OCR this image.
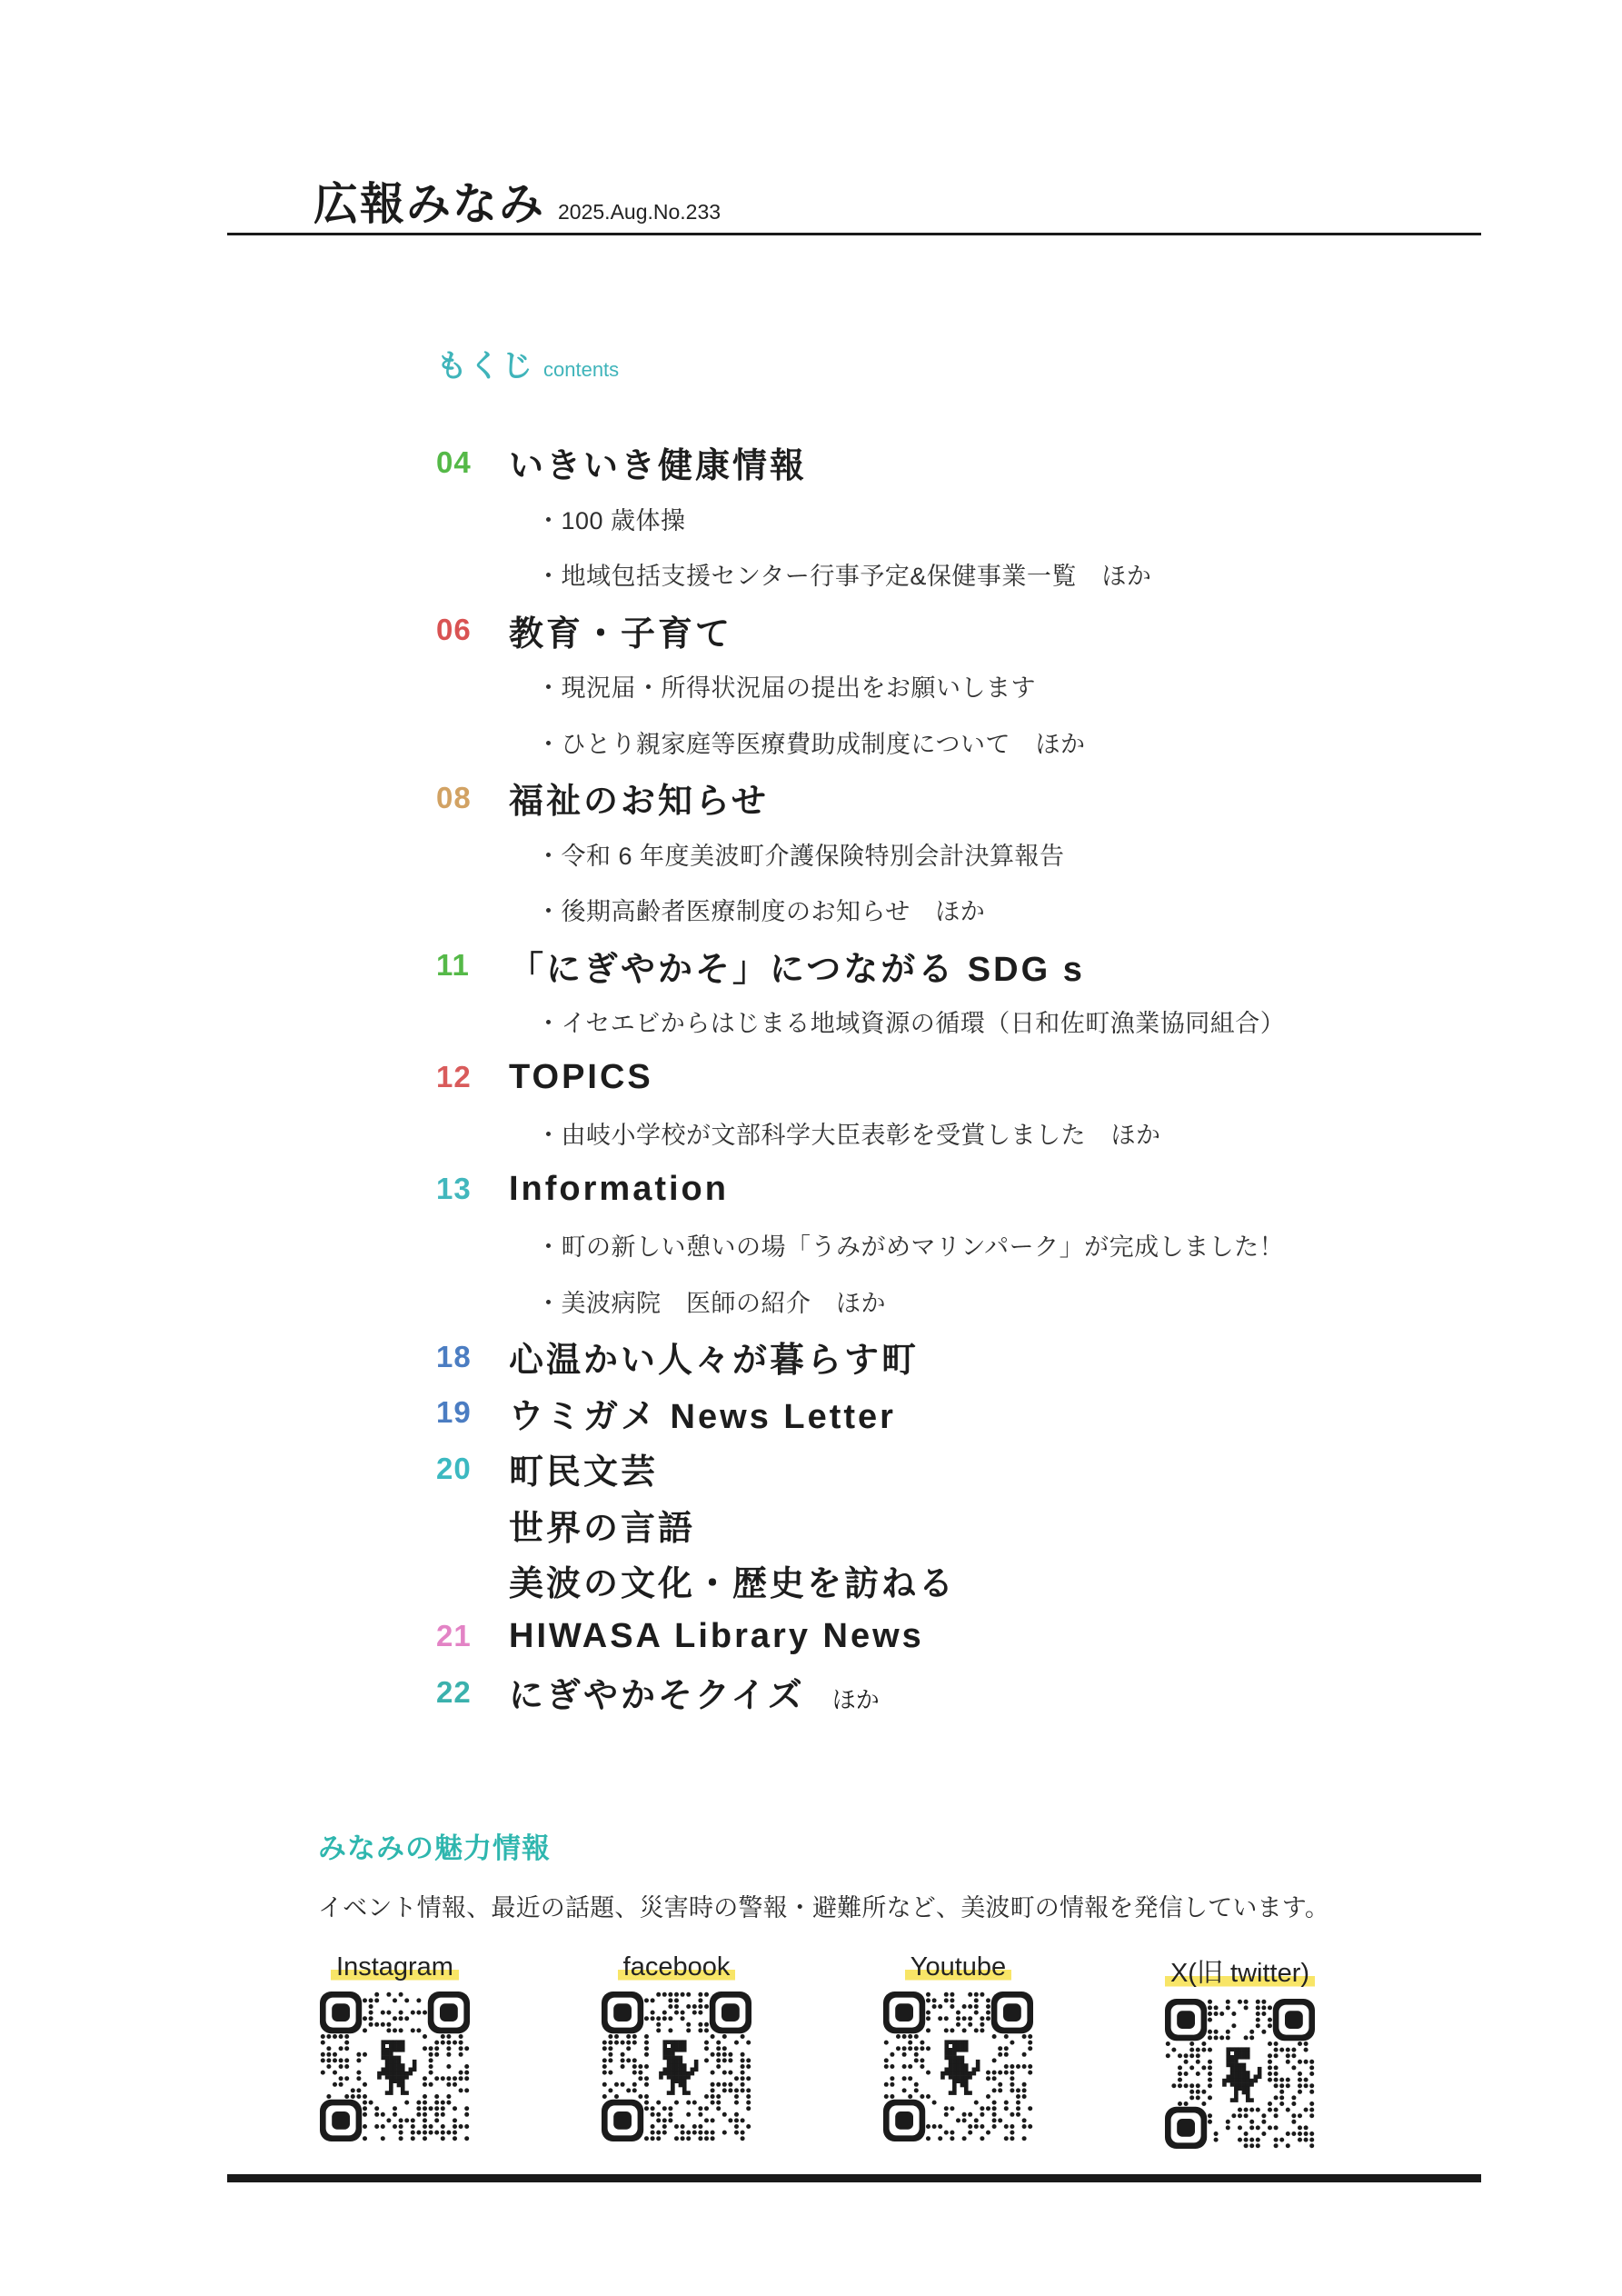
広報みなみ 2025.Aug.No.233
もくじ contents
04 いきいき健康情報
・100 歳体操
・地域包括支援センター行事予定&保健事業一覧　ほか
06 教育・子育て
・現況届・所得状況届の提出をお願いします
・ひとり親家庭等医療費助成制度について　ほか
08 福祉のお知らせ
・令和 6 年度美波町介護保険特別会計決算報告
・後期高齢者医療制度のお知らせ　ほか
11	「にぎやかそ」につながる SDG s
・イセエビからはじまる地域資源の循環（日和佐町漁業協同組合）
12 TOPICS
・由岐小学校が文部科学大臣表彰を受賞しました　ほか
13 Information
・町の新しい憩いの場「うみがめマリンパーク」が完成しました！
・美波病院　医師の紹介　ほか
18 心温かい人々が暮らす町
19 ウミガメ News Letter
20 町民文芸
世界の言語
美波の文化・歴史を訪ねる
21 HIWASA Library News
22 にぎやかそクイズ ほか
みなみの魅力情報
イベント情報、最近の話題、災害時の警報・避難所など、美波町の情報を発信しています。
Instagram	facebook	Youtube	X(旧 twitter)
